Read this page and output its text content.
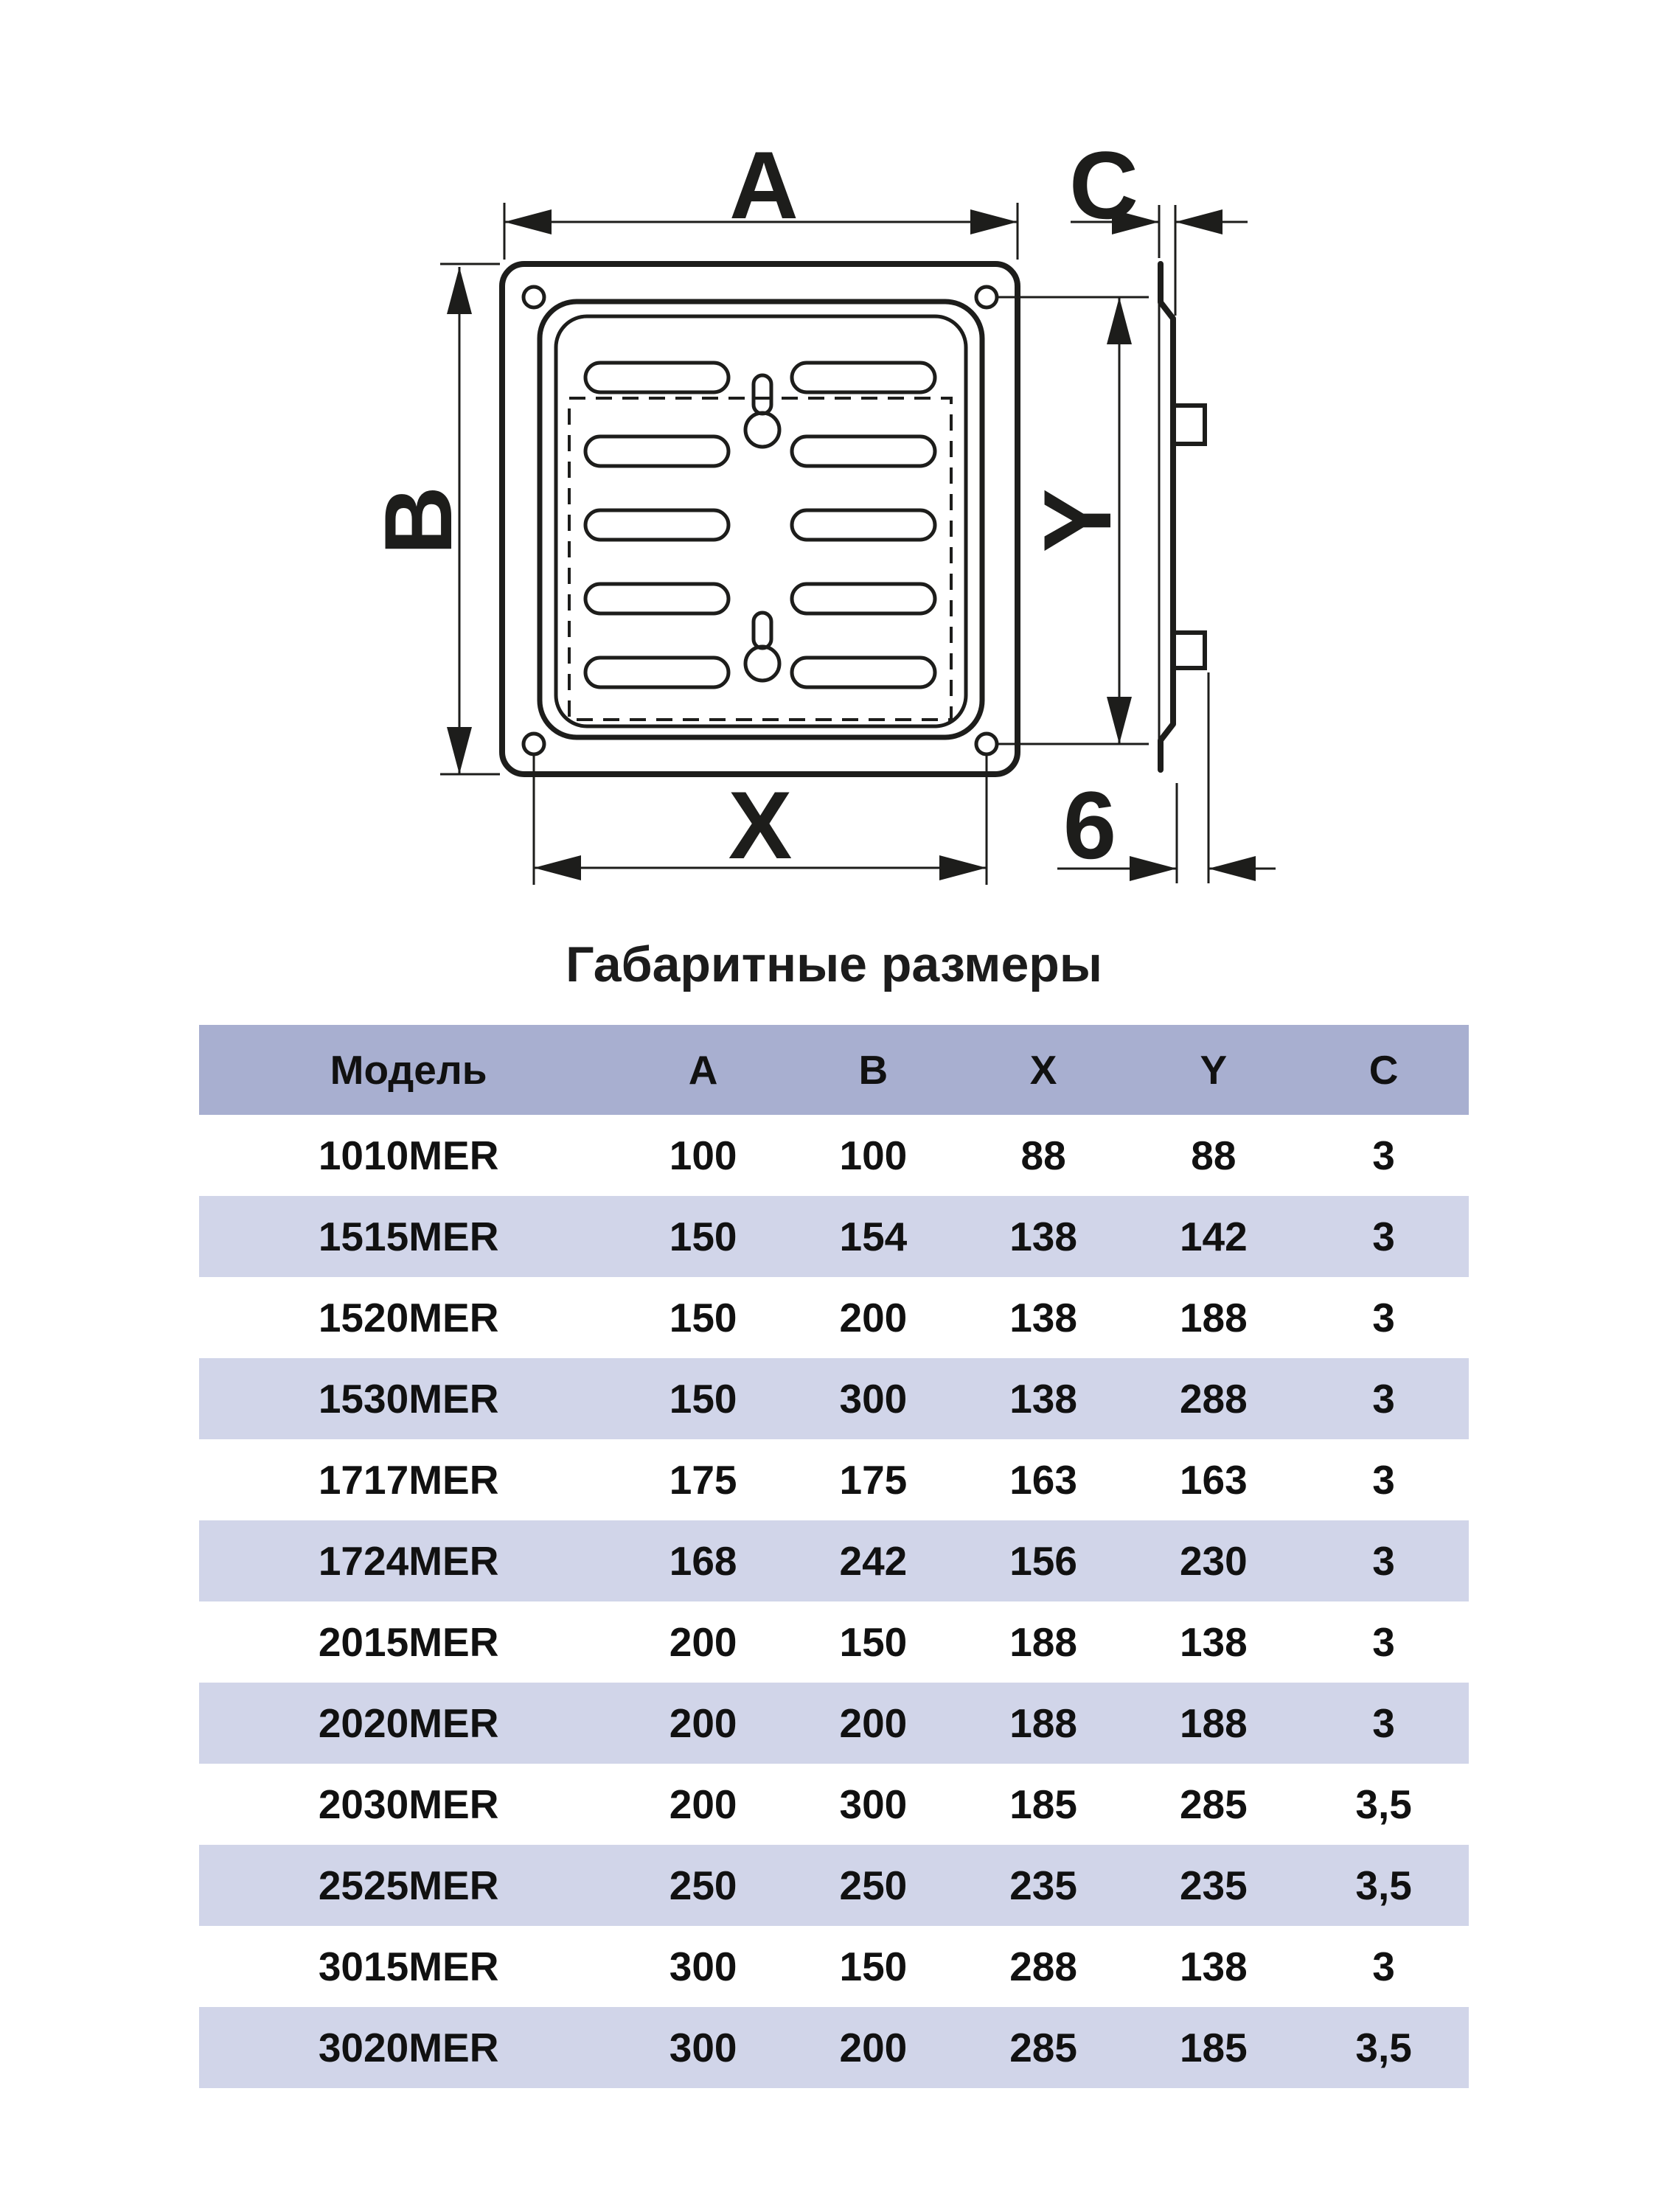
A
B
X
Y
C
6
Габаритные размеры
Модель	A	B	X	Y	C
1010MER	100	100	88	88	3
1515MER	150	154	138	142	3
1520MER	150	200	138	188	3
1530MER	150	300	138	288	3
1717MER	175	175	163	163	3
1724MER	168	242	156	230	3
2015MER	200	150	188	138	3
2020MER	200	200	188	188	3
2030MER	200	300	185	285	3,5
2525MER	250	250	235	235	3,5
3015MER	300	150	288	138	3
3020MER	300	200	285	185	3,5
